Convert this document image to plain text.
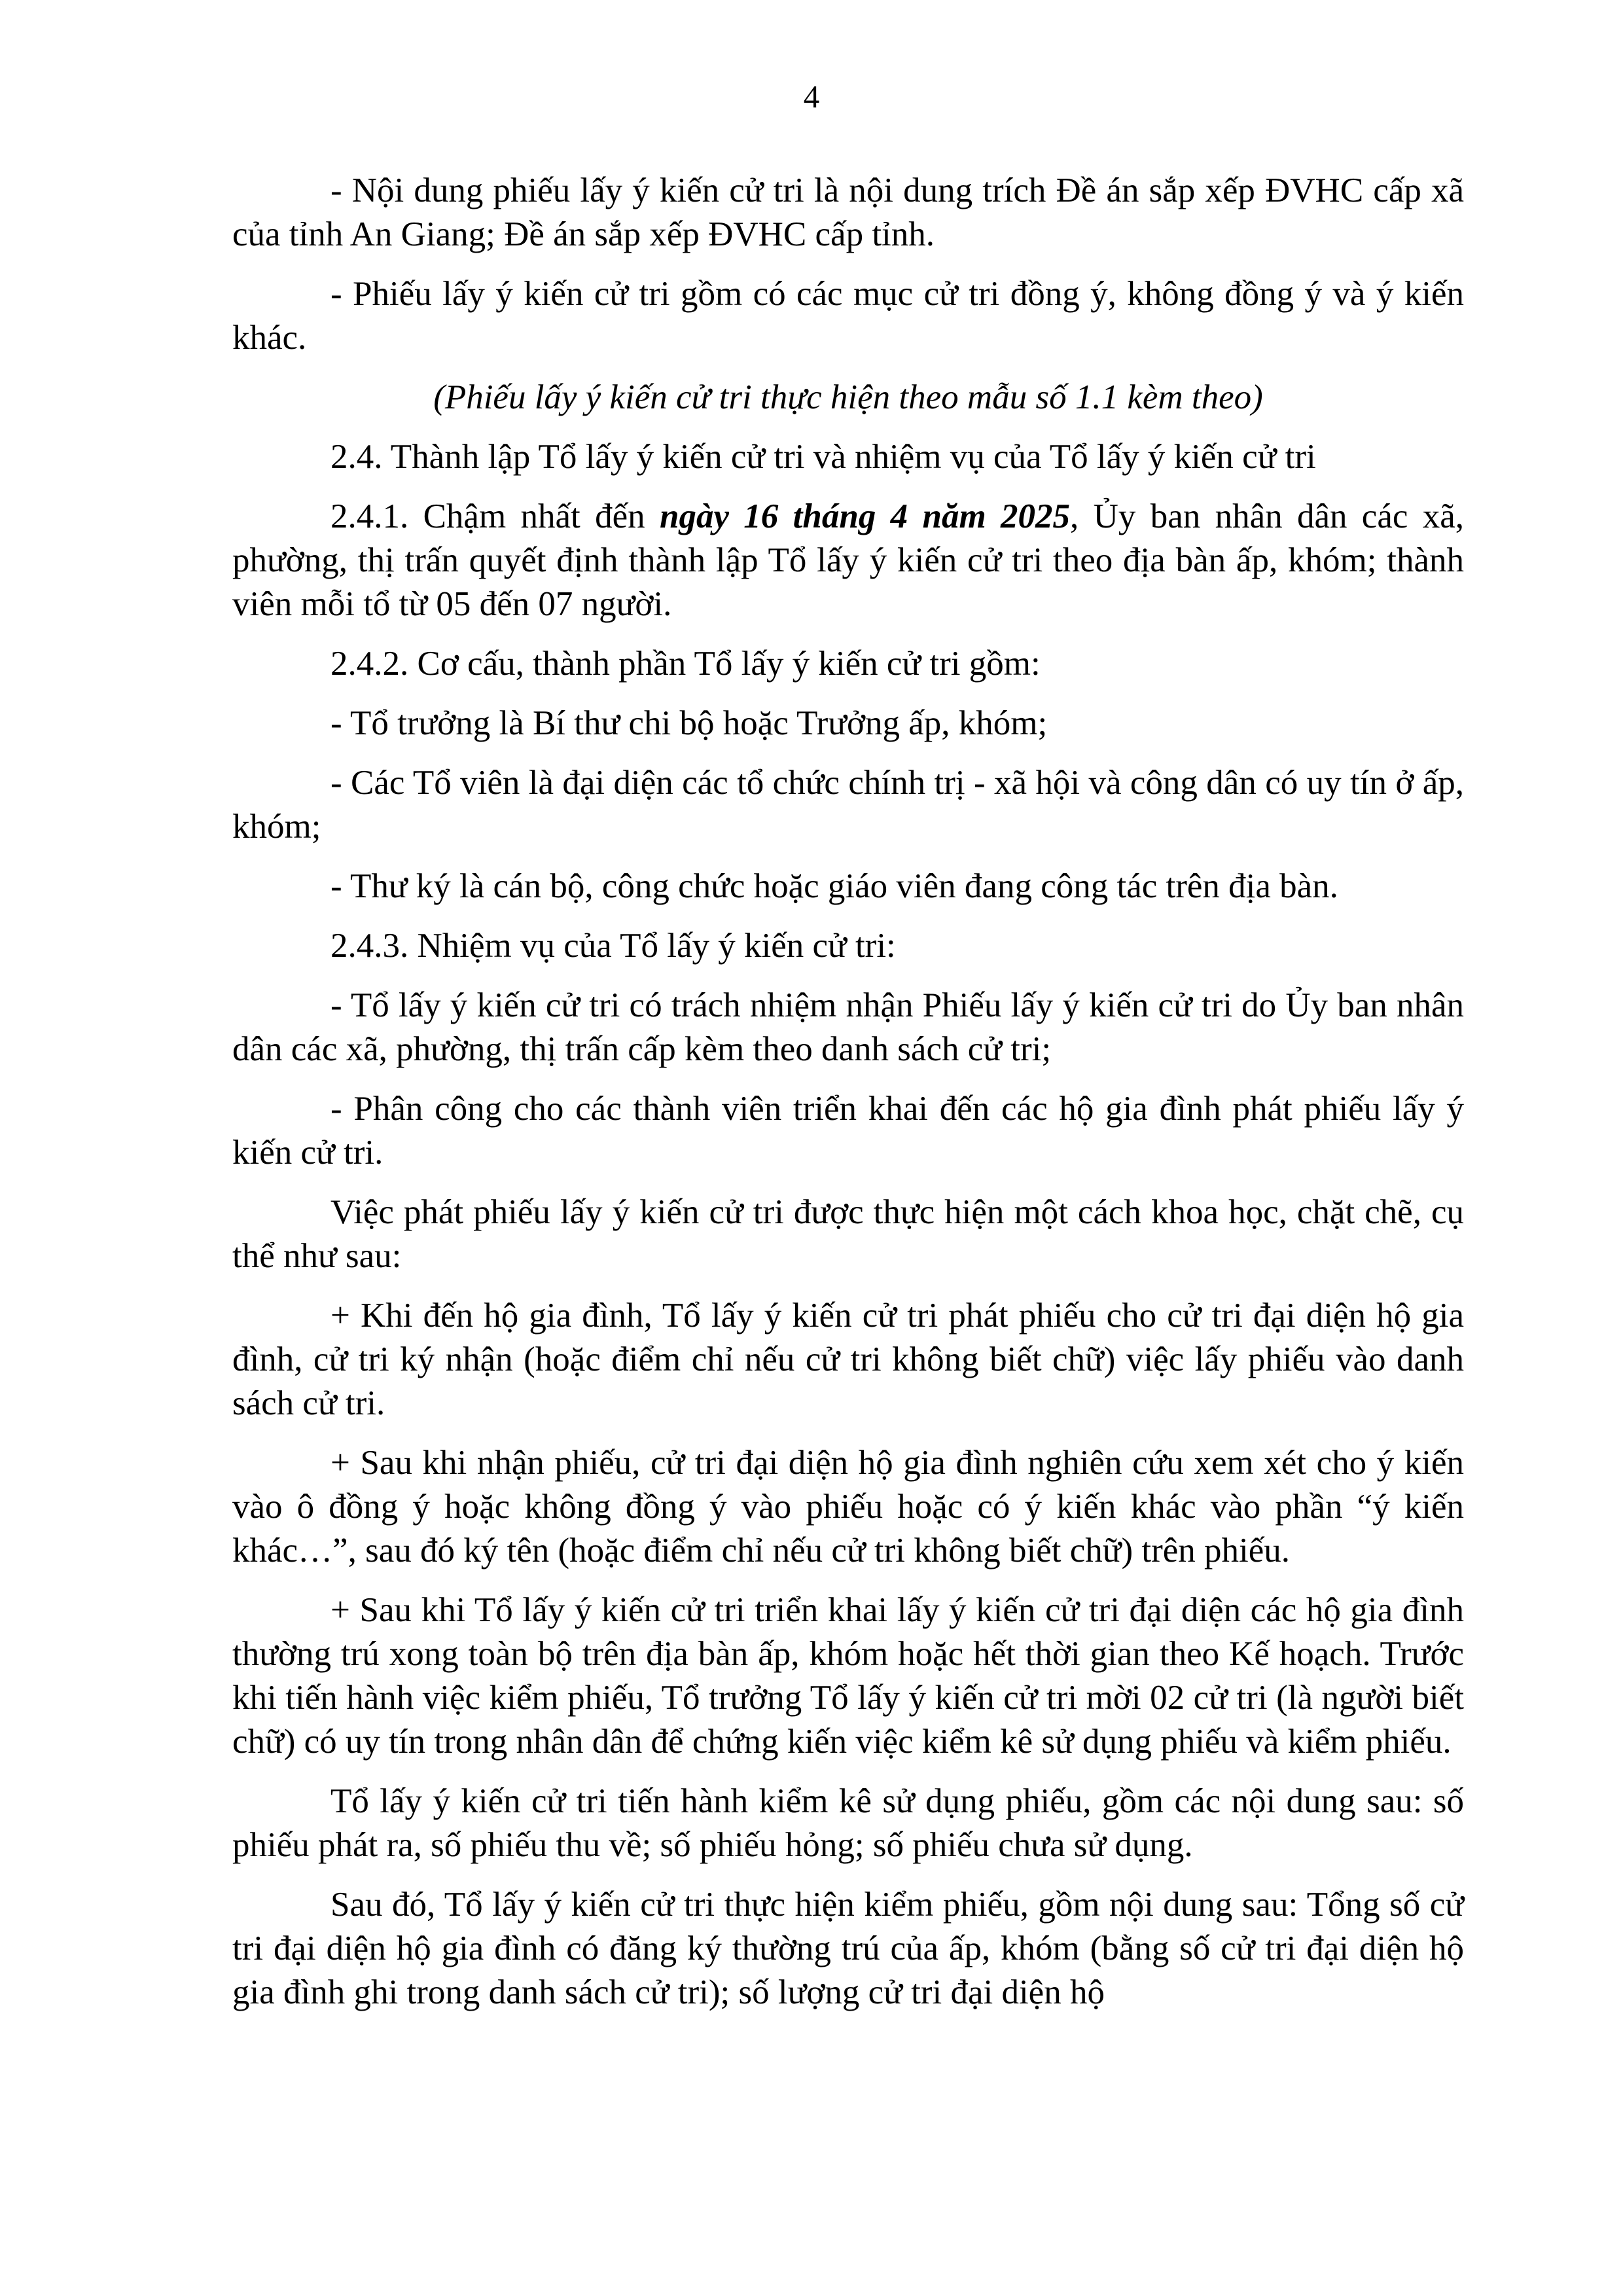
4

- Nội dung phiếu lấy ý kiến cử tri là nội dung trích Đề án sắp xếp ĐVHC cấp xã của tỉnh An Giang; Đề án sắp xếp ĐVHC cấp tỉnh.

- Phiếu lấy ý kiến cử tri gồm có các mục cử tri đồng ý, không đồng ý và ý kiến khác.

(Phiếu lấy ý kiến cử tri thực hiện theo mẫu số 1.1 kèm theo)

2.4. Thành lập Tổ lấy ý kiến cử tri và nhiệm vụ của Tổ lấy ý kiến cử tri

2.4.1. Chậm nhất đến ngày 16 tháng 4 năm 2025, Ủy ban nhân dân các xã, phường, thị trấn quyết định thành lập Tổ lấy ý kiến cử tri theo địa bàn ấp, khóm; thành viên mỗi tổ từ 05 đến 07 người.

2.4.2. Cơ cấu, thành phần Tổ lấy ý kiến cử tri gồm:

- Tổ trưởng là Bí thư chi bộ hoặc Trưởng ấp, khóm;

- Các Tổ viên là đại diện các tổ chức chính trị - xã hội và công dân có uy tín ở ấp, khóm;

- Thư ký là cán bộ, công chức hoặc giáo viên đang công tác trên địa bàn.

2.4.3. Nhiệm vụ của Tổ lấy ý kiến cử tri:

- Tổ lấy ý kiến cử tri có trách nhiệm nhận Phiếu lấy ý kiến cử tri do Ủy ban nhân dân các xã, phường, thị trấn cấp kèm theo danh sách cử tri;

- Phân công cho các thành viên triển khai đến các hộ gia đình phát phiếu lấy ý kiến cử tri.

Việc phát phiếu lấy ý kiến cử tri được thực hiện một cách khoa học, chặt chẽ, cụ thể như sau:

+ Khi đến hộ gia đình, Tổ lấy ý kiến cử tri phát phiếu cho cử tri đại diện hộ gia đình, cử tri ký nhận (hoặc điểm chỉ nếu cử tri không biết chữ) việc lấy phiếu vào danh sách cử tri.

+ Sau khi nhận phiếu, cử tri đại diện hộ gia đình nghiên cứu xem xét cho ý kiến vào ô đồng ý hoặc không đồng ý vào phiếu hoặc có ý kiến khác vào phần “ý kiến khác…”, sau đó ký tên (hoặc điểm chỉ nếu cử tri không biết chữ) trên phiếu.

+ Sau khi Tổ lấy ý kiến cử tri triển khai lấy ý kiến cử tri đại diện các hộ gia đình thường trú xong toàn bộ trên địa bàn ấp, khóm hoặc hết thời gian theo Kế hoạch. Trước khi tiến hành việc kiểm phiếu, Tổ trưởng Tổ lấy ý kiến cử tri mời 02 cử tri (là người biết chữ) có uy tín trong nhân dân để chứng kiến việc kiểm kê sử dụng phiếu và kiểm phiếu.

Tổ lấy ý kiến cử tri tiến hành kiểm kê sử dụng phiếu, gồm các nội dung sau: số phiếu phát ra, số phiếu thu về; số phiếu hỏng; số phiếu chưa sử dụng.

Sau đó, Tổ lấy ý kiến cử tri thực hiện kiểm phiếu, gồm nội dung sau: Tổng số cử tri đại diện hộ gia đình có đăng ký thường trú của ấp, khóm (bằng số cử tri đại diện hộ gia đình ghi trong danh sách cử tri); số lượng cử tri đại diện hộ
